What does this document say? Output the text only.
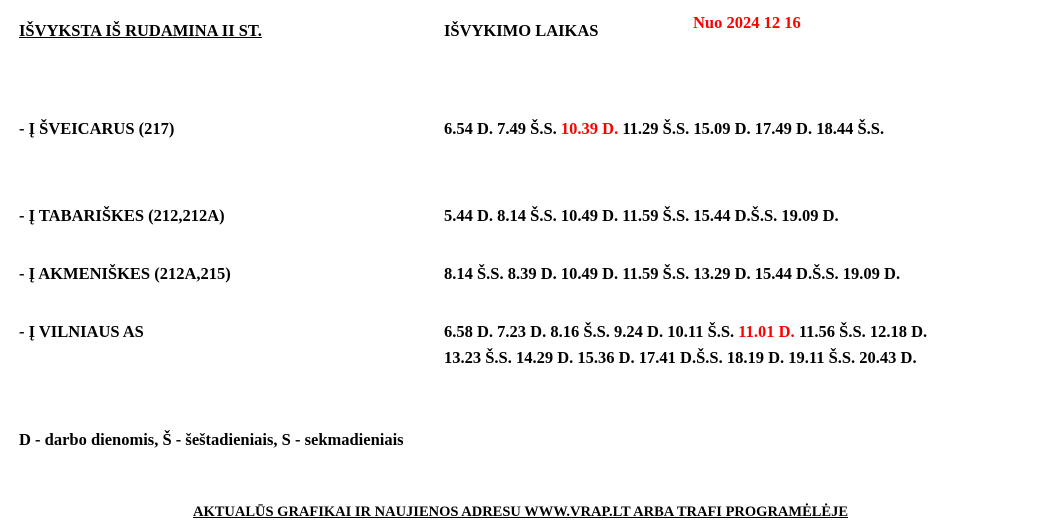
IŠVYKSTA IŠ RUDAMINA II ST.	IŠVYKIMO LAIKAS	Nuo 2024 12 16
- Į ŠVEICARUS (217)	6.54 D. 7.49 Š.S. 10.39 D. 11.29 Š.S. 15.09 D. 17.49 D. 18.44 Š.S.
- Į TABARIŠKES (212,212A)	5.44 D. 8.14 Š.S. 10.49 D. 11.59 Š.S. 15.44 D.Š.S. 19.09 D.
- Į AKMENIŠKES (212A,215)	8.14 Š.S. 8.39 D. 10.49 D. 11.59 Š.S. 13.29 D. 15.44 D.Š.S. 19.09 D.
- Į VILNIAUS AS	6.58 D. 7.23 D. 8.16 Š.S. 9.24 D. 10.11 Š.S. 11.01 D. 11.56 Š.S. 12.18 D.
13.23 Š.S. 14.29 D. 15.36 D. 17.41 D.Š.S. 18.19 D. 19.11 Š.S. 20.43 D.
D - darbo dienomis, Š - šeštadieniais, S - sekmadieniais
AKTUALŪS GRAFIKAI IR NAUJIENOS ADRESU WWW.VRAP.LT ARBA TRAFI PROGRAMĖLĖJE
